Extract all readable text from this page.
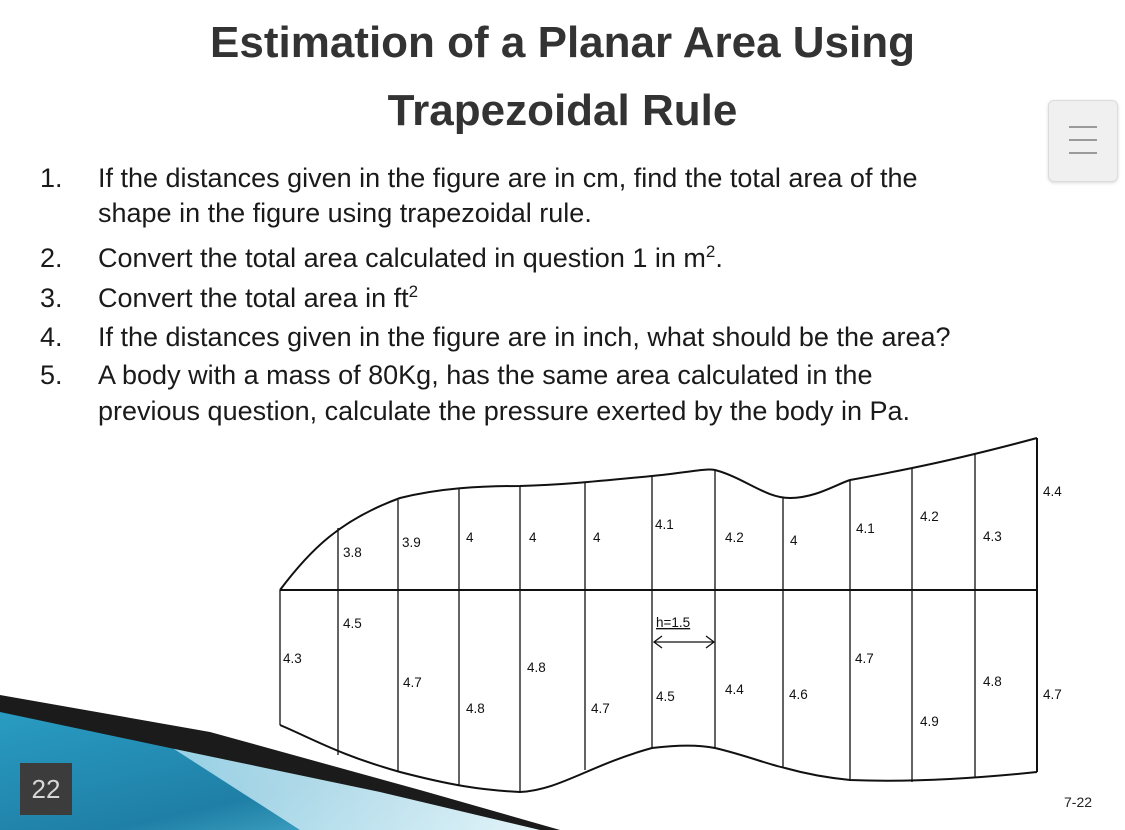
Estimation of a Planar Area Using
Trapezoidal Rule
1.	If the distances given in the figure are in cm, find the total area of the
shape in the figure using trapezoidal rule.
2.	Convert the total area calculated in question 1 in $m^2$.
3.	Convert the total area in $ft^2$
4.	If the distances given in the figure are in inch, what should be the area?
5.	A body with a mass of 80Kg, has the same area calculated in the
previous question, calculate the pressure exerted by the body in Pa.
3.8
3.9	4	4	4
4.1
4.2	4
4.1
4.2
4.3
4.4
4.3
4.5
4.7
4.8
4.8
4.7
4.5	4.4	4.6
4.7
4.9
4.8
4.7
h=1.5
22	7-22
